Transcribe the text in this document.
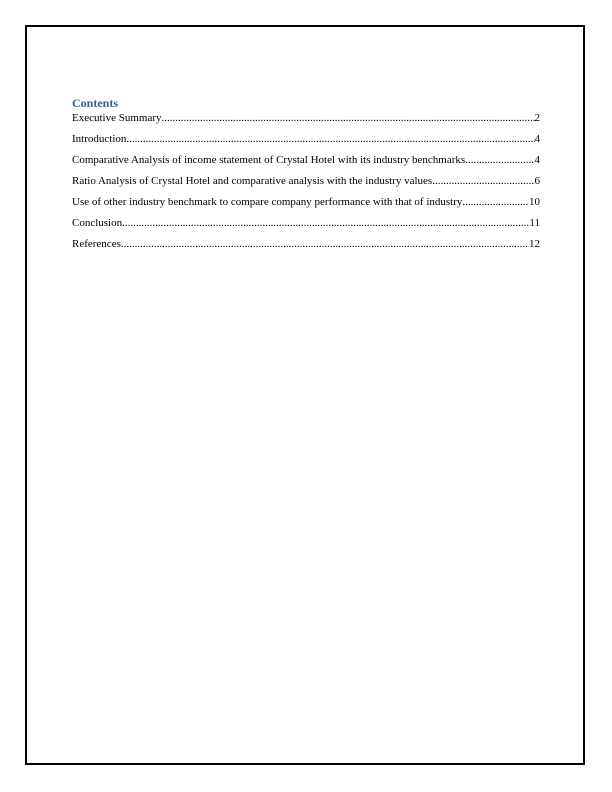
Contents

Executive Summary .....	2
Introduction .....	4
Comparative Analysis of income statement of Crystal Hotel with its industry benchmarks .....	4
Ratio Analysis of Crystal Hotel and comparative analysis with the industry values .....	6
Use of other industry benchmark to compare company performance with that of industry .....	10
Conclusion .....	11
References .....	12
